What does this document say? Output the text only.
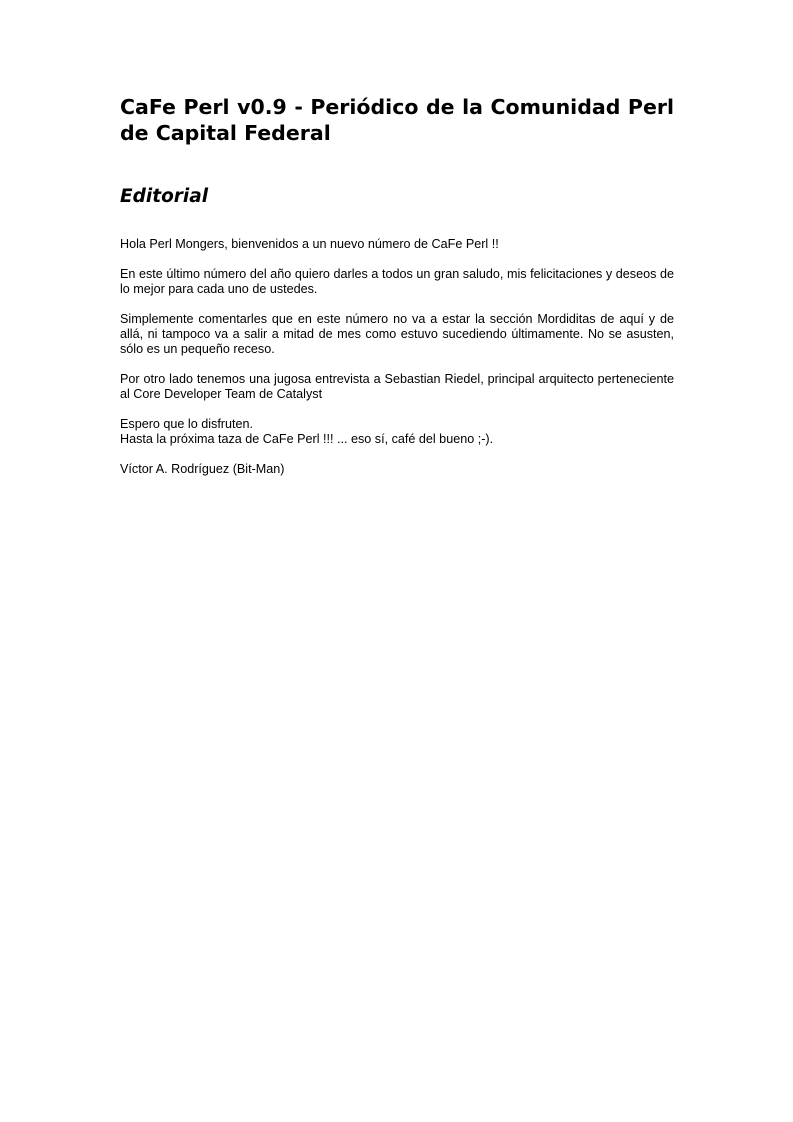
CaFe Perl v0.9 - Periódico de la Comunidad Perl de Capital Federal
Editorial

Hola Perl Mongers, bienvenidos a un nuevo número de CaFe Perl !!

En este último número del año quiero darles a todos un gran saludo, mis felicitaciones y deseos de lo mejor para cada uno de ustedes.

Simplemente comentarles que en este número no va a estar la sección Mordiditas de aquí y de allá, ni tampoco va a salir a mitad de mes como estuvo sucediendo últimamente. No se asusten, sólo es un pequeño receso.

Por otro lado tenemos una jugosa entrevista a Sebastian Riedel, principal arquitecto perteneciente al Core Developer Team de Catalyst

Espero que lo disfruten.
Hasta la próxima taza de CaFe Perl !!! ... eso sí, café del bueno ;-).

Víctor A. Rodríguez (Bit-Man)
